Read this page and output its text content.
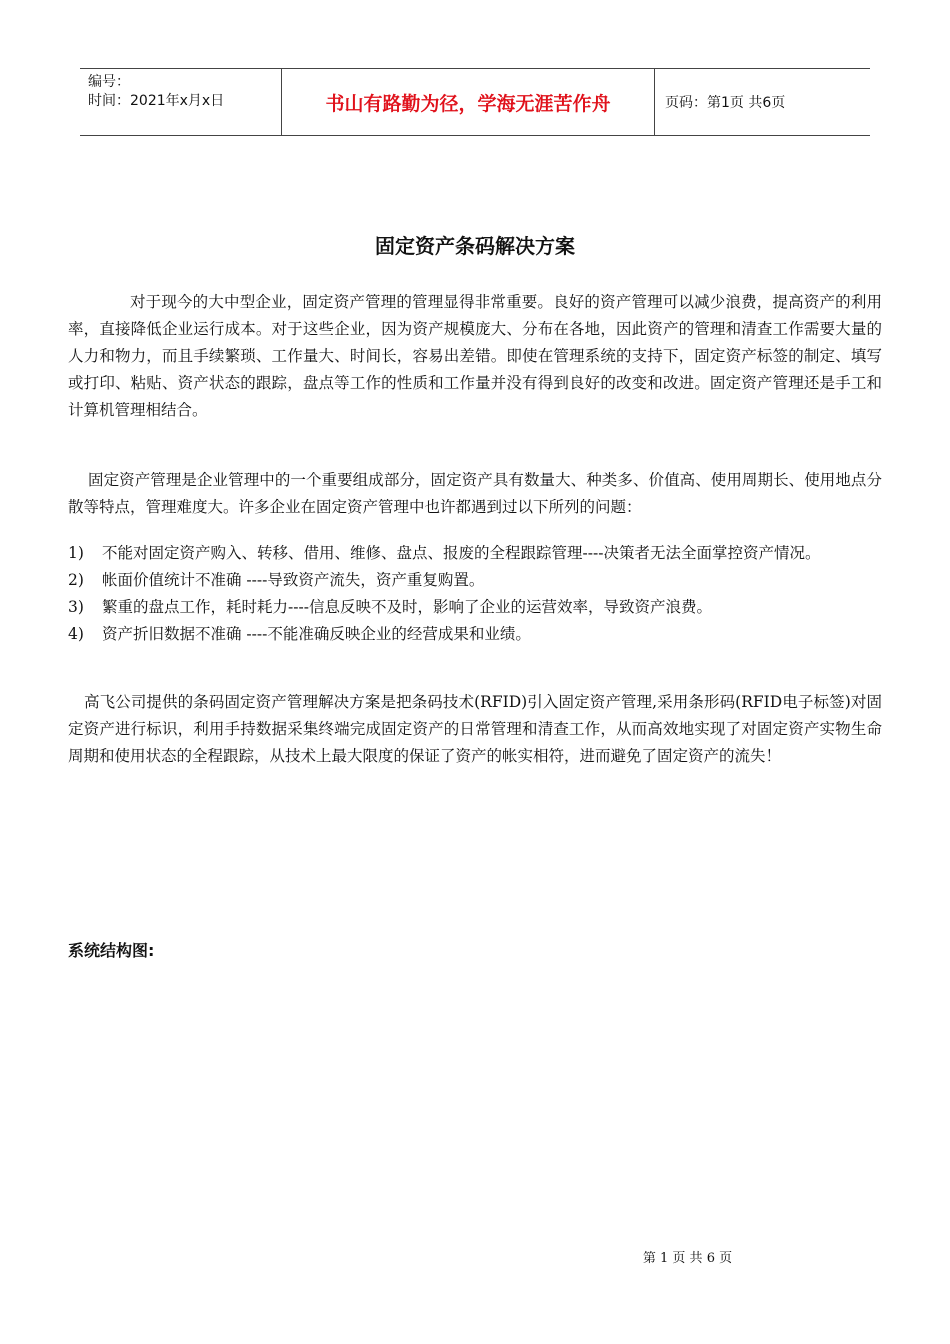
编号：
时间：2021年x月x日	书山有路勤为径，学海无涯苦作舟	页码：第1页 共6页
固定资产条码解决方案

对于现今的大中型企业，固定资产管理的管理显得非常重要。良好的资产管理可以减少浪费，提高资产的利用率，直接降低企业运行成本。对于这些企业，因为资产规模庞大、分布在各地，因此资产的管理和清查工作需要大量的人力和物力，而且手续繁琐、工作量大、时间长，容易出差错。即使在管理系统的支持下，固定资产标签的制定、填写或打印、粘贴、资产状态的跟踪，盘点等工作的性质和工作量并没有得到良好的改变和改进。固定资产管理还是手工和计算机管理相结合。

固定资产管理是企业管理中的一个重要组成部分，固定资产具有数量大、种类多、价值高、使用周期长、使用地点分散等特点，管理难度大。许多企业在固定资产管理中也许都遇到过以下所列的问题：

1) 不能对固定资产购入、转移、借用、维修、盘点、报废的全程跟踪管理----决策者无法全面掌控资产情况。
2) 帐面价值统计不准确 ----导致资产流失，资产重复购置。
3) 繁重的盘点工作，耗时耗力----信息反映不及时，影响了企业的运营效率，导致资产浪费。
4) 资产折旧数据不准确 ----不能准确反映企业的经营成果和业绩。

高飞公司提供的条码固定资产管理解决方案是把条码技术(RFID)引入固定资产管理,采用条形码(RFID电子标签)对固定资产进行标识，利用手持数据采集终端完成固定资产的日常管理和清查工作，从而高效地实现了对固定资产实物生命周期和使用状态的全程跟踪，从技术上最大限度的保证了资产的帐实相符，进而避免了固定资产的流失！

系统结构图:
第 1 页 共 6 页
